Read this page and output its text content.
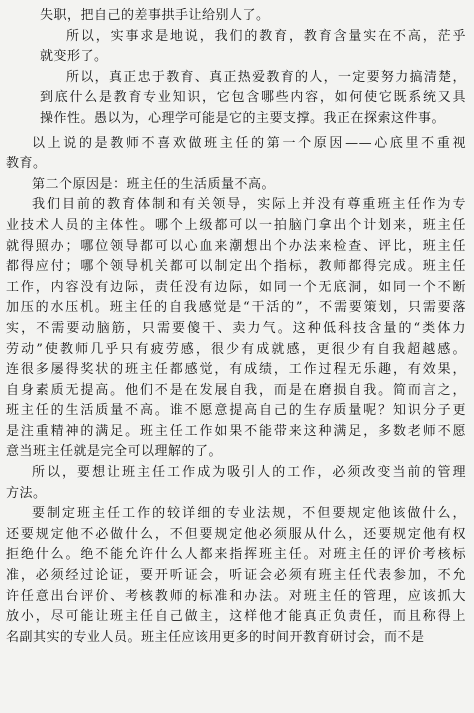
失职，把自己的差事拱手让给别人了。
所以，实事求是地说，我们的教育，教育含量实在不高，茫乎
就变形了。
所以，真正忠于教育、真正热爱教育的人，一定要努力搞清楚，
到底什么是教育专业知识，它包含哪些内容，如何使它既系统又具
操作性。愚以为，心理学可能是它的主要支撑。我正在探索这件事。
以上说的是教师不喜欢做班主任的第一个原因——心底里不重视
教育。
第二个原因是：班主任的生活质量不高。
我们目前的教育体制和有关领导，实际上并没有尊重班主任作为专
业技术人员的主体性。哪个上级都可以一拍脑门拿出个计划来，班主任
就得照办；哪位领导都可以心血来潮想出个办法来检查、评比，班主任
都得应付；哪个领导机关都可以制定出个指标，教师都得完成。班主任
工作，内容没有边际，责任没有边际，如同一个无底洞，如同一个不断
加压的水压机。班主任的自我感觉是“干活的”，不需要策划，只需要落
实，不需要动脑筋，只需要傻干、卖力气。这种低科技含量的“类体力
劳动”使教师几乎只有疲劳感，很少有成就感，更很少有自我超越感。
连很多屡得奖状的班主任都感觉，有成绩，工作过程无乐趣，有效果，
自身素质无提高。他们不是在发展自我，而是在磨损自我。简而言之，
班主任的生活质量不高。谁不愿意提高自己的生存质量呢？知识分子更
是注重精神的满足。班主任工作如果不能带来这种满足，多数老师不愿
意当班主任就是完全可以理解的了。
所以，要想让班主任工作成为吸引人的工作，必须改变当前的管理
方法。
要制定班主任工作的较详细的专业法规，不但要规定他该做什么，
还要规定他不必做什么，不但要规定他必须服从什么，还要规定他有权
拒绝什么。绝不能允许什么人都来指挥班主任。对班主任的评价考核标
准，必须经过论证，要开听证会，听证会必须有班主任代表参加，不允
许任意出台评价、考核教师的标准和办法。对班主任的管理，应该抓大
放小，尽可能让班主任自己做主，这样他才能真正负责任，而且称得上
名副其实的专业人员。班主任应该用更多的时间开教育研讨会，而不是
